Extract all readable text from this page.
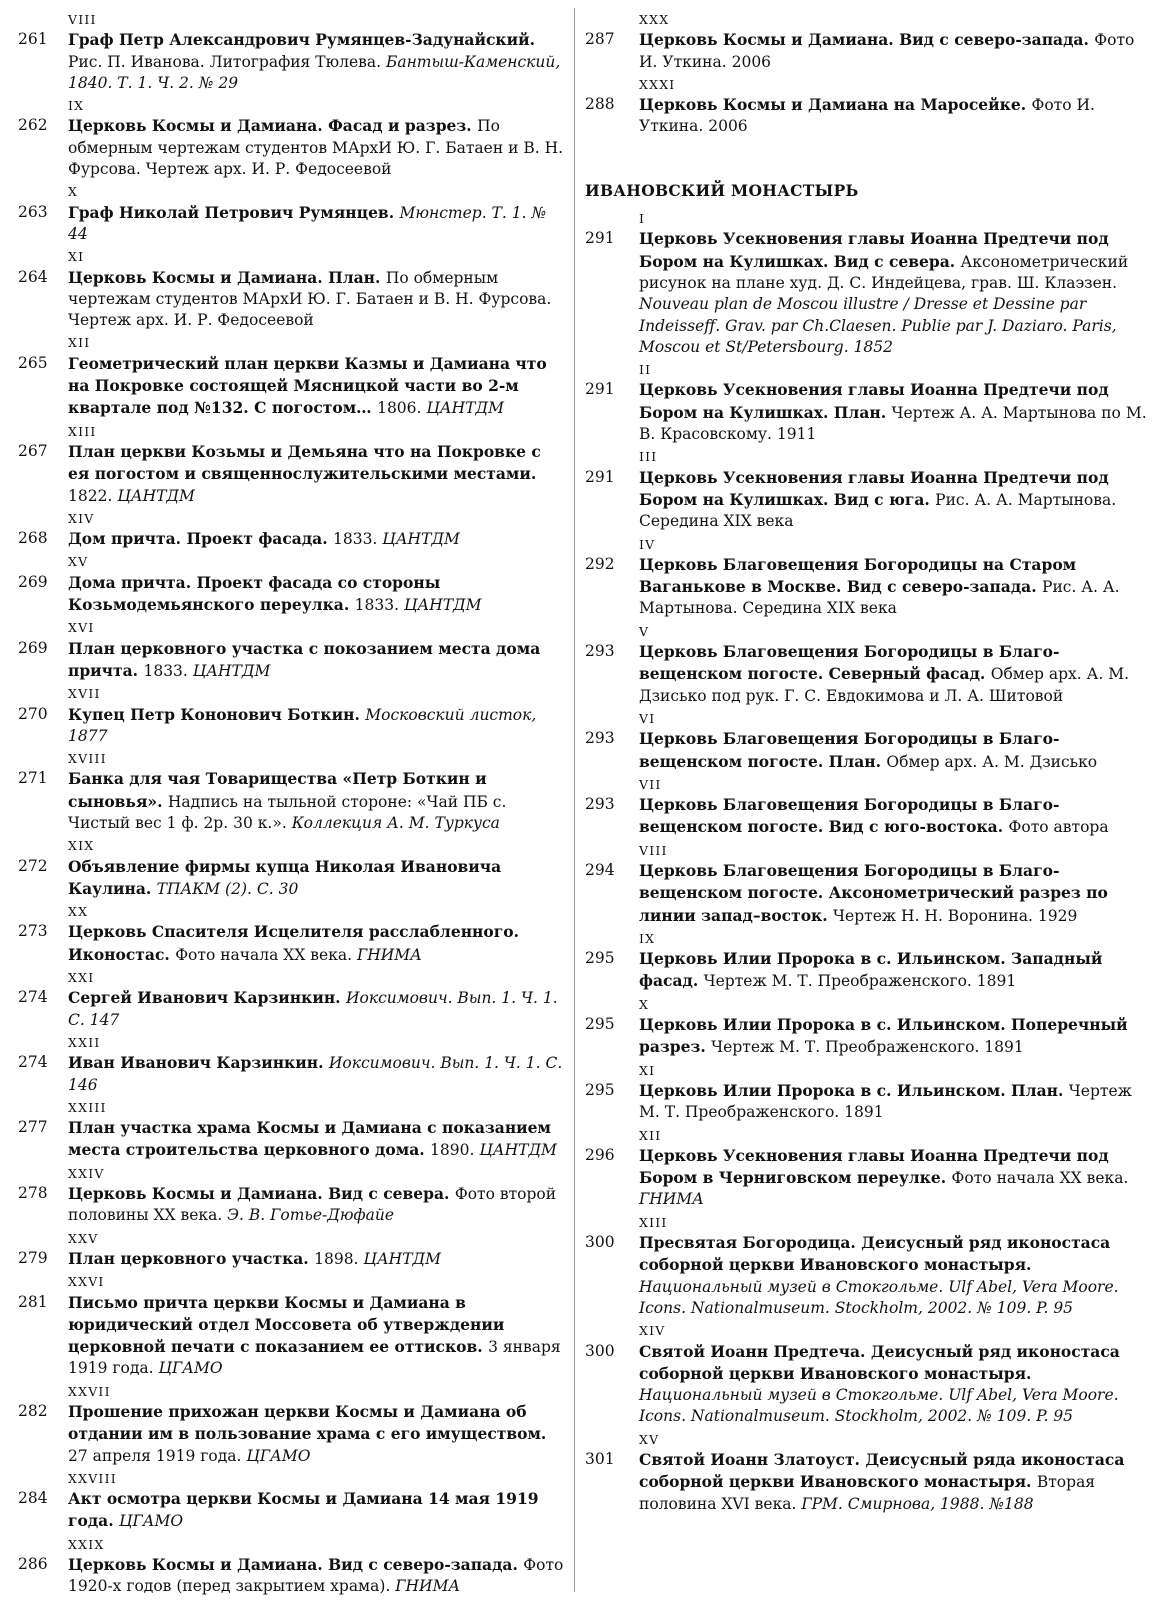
VIII
261	Граф Петр Александрович Румянцев-Задунайский. Рис. П. Иванова. Литография Тюлева. Бантыш-Каменский, 1840. Т. 1. Ч. 2. № 29
IX
262	Церковь Космы и Дамиана. Фасад и разрез. По обмерным чертежам студентов МАрхИ Ю. Г. Батаен и В. Н. Фурсова. Чертеж арх. И. Р. Федосеевой
X
263	Граф Николай Петрович Румянцев. Мюнстер. Т. 1. № 44
XI
264	Церковь Космы и Дамиана. План. По обмерным чертежам студентов МАрхИ Ю. Г. Батаен и В. Н. Фурсова. Чертеж арх. И. Р. Федосеевой
XII
265	Геометрический план церкви Казмы и Дамиана что на Покровке состоящей Мясницкой части во 2-м квартале под №132. С погостом… 1806. ЦАНТДМ
XIII
267	План церкви Козьмы и Демьяна что на Покровке с ея погостом и священнослужительскими местами. 1822. ЦАНТДМ
XIV
268	Дом причта. Проект фасада. 1833. ЦАНТДМ
XV
269	Дома причта. Проект фасада со стороны Козьмодемьянского переулка. 1833. ЦАНТДМ
XVI
269	План церковного участка с покозанием места дома причта. 1833. ЦАНТДМ
XVII
270	Купец Петр Кононович Боткин. Московский листок, 1877
XVIII
271	Банка для чая Товарищества «Петр Боткин и сыновья». Надпись на тыльной стороне: «Чай ПБ с. Чистый вес 1 ф. 2р. 30 к.». Коллекция А. М. Туркуса
XIX
272	Объявление фирмы купца Николая Ивановича Каулина. ТПАКМ (2). С. 30
XX
273	Церковь Спасителя Исцелителя расслабленного. Иконостас. Фото начала XX века. ГНИМА
XXI
274	Сергей Иванович Карзинкин. Иоксимович. Вып. 1. Ч. 1. С. 147
XXII
274	Иван Иванович Карзинкин. Иоксимович. Вып. 1. Ч. 1. С. 146
XXIII
277	План участка храма Космы и Дамиана с показанием места строительства церковного дома. 1890. ЦАНТДМ
XXIV
278	Церковь Космы и Дамиана. Вид с севера. Фото второй половины XX века. Э. В. Готье-Дюфайе
XXV
279	План церковного участка. 1898. ЦАНТДМ
XXVI
281	Письмо причта церкви Космы и Дамиана в юридический отдел Моссовета об утверждении церковной печати с показанием ее оттисков. 3 января 1919 года. ЦГАМО
XXVII
282	Прошение прихожан церкви Космы и Дамиана об отдании им в пользование храма с его имуществом. 27 апреля 1919 года. ЦГАМО
XXVIII
284	Акт осмотра церкви Космы и Дамиана 14 мая 1919 года. ЦГАМО
XXIX
286	Церковь Космы и Дамиана. Вид с северо-запада. Фото 1920-х годов (перед закрытием храма). ГНИМА
XXX
287	Церковь Космы и Дамиана. Вид с северо-запада. Фото И. Уткина. 2006
XXXI
288	Церковь Космы и Дамиана на Маросейке. Фото И. Уткина. 2006
ИВАНОВСКИЙ МОНАСТЫРЬ
I
291	Церковь Усекновения главы Иоанна Предтечи под Бором на Кулишках. Вид с севера. Аксонометрический рисунок на плане худ. Д. С. Индейцева, грав. Ш. Клаэзен. Nouveau plan de Moscou illustre / Dresse et Dessine par Indeisseff. Grav. par Ch.Claesen. Publie par J. Daziaro. Paris, Moscou et St/Petersbourg. 1852
II
291	Церковь Усекновения главы Иоанна Предтечи под Бором на Кулишках. План. Чертеж А. А. Мартынова по М. В. Красовскому. 1911
III
291	Церковь Усекновения главы Иоанна Предтечи под Бором на Кулишках. Вид с юга. Рис. А. А. Мартынова. Середина XIX века
IV
292	Церковь Благовещения Богородицы на Старом Ваганькове в Москве. Вид с северо-запада. Рис. А. А. Мартынова. Середина XIX века
V
293	Церковь Благовещения Богородицы в Благовещенском погосте. Северный фасад. Обмер арх. А. М. Дзисько под рук. Г. С. Евдокимова и Л. А. Шитовой
VI
293	Церковь Благовещения Богородицы в Благовещенском погосте. План. Обмер арх. А. М. Дзисько
VII
293	Церковь Благовещения Богородицы в Благовещенском погосте. Вид с юго-востока. Фото автора
VIII
294	Церковь Благовещения Богородицы в Благовещенском погосте. Аксонометрический разрез по линии запад–восток. Чертеж Н. Н. Воронина. 1929
IX
295	Церковь Илии Пророка в с. Ильинском. Западный фасад. Чертеж М. Т. Преображенского. 1891
X
295	Церковь Илии Пророка в с. Ильинском. Поперечный разрез. Чертеж М. Т. Преображенского. 1891
XI
295	Церковь Илии Пророка в с. Ильинском. План. Чертеж М. Т. Преображенского. 1891
XII
296	Церковь Усекновения главы Иоанна Предтечи под Бором в Черниговском переулке. Фото начала XX века. ГНИМА
XIII
300	Пресвятая Богородица. Деисусный ряд иконостаса соборной церкви Ивановского монастыря. Национальный музей в Стокгольме. Ulf Abel, Vera Moore. Icons. Nationalmuseum. Stockholm, 2002. № 109. P. 95
XIV
300	Святой Иоанн Предтеча. Деисусный ряд иконостаса соборной церкви Ивановского монастыря. Национальный музей в Стокгольме. Ulf Abel, Vera Moore. Icons. Nationalmuseum. Stockholm, 2002. № 109. P. 95
XV
301	Святой Иоанн Златоуст. Деисусный ряда иконостаса соборной церкви Ивановского монастыря. Вторая половина XVI века. ГРМ. Смирнова, 1988. №188
